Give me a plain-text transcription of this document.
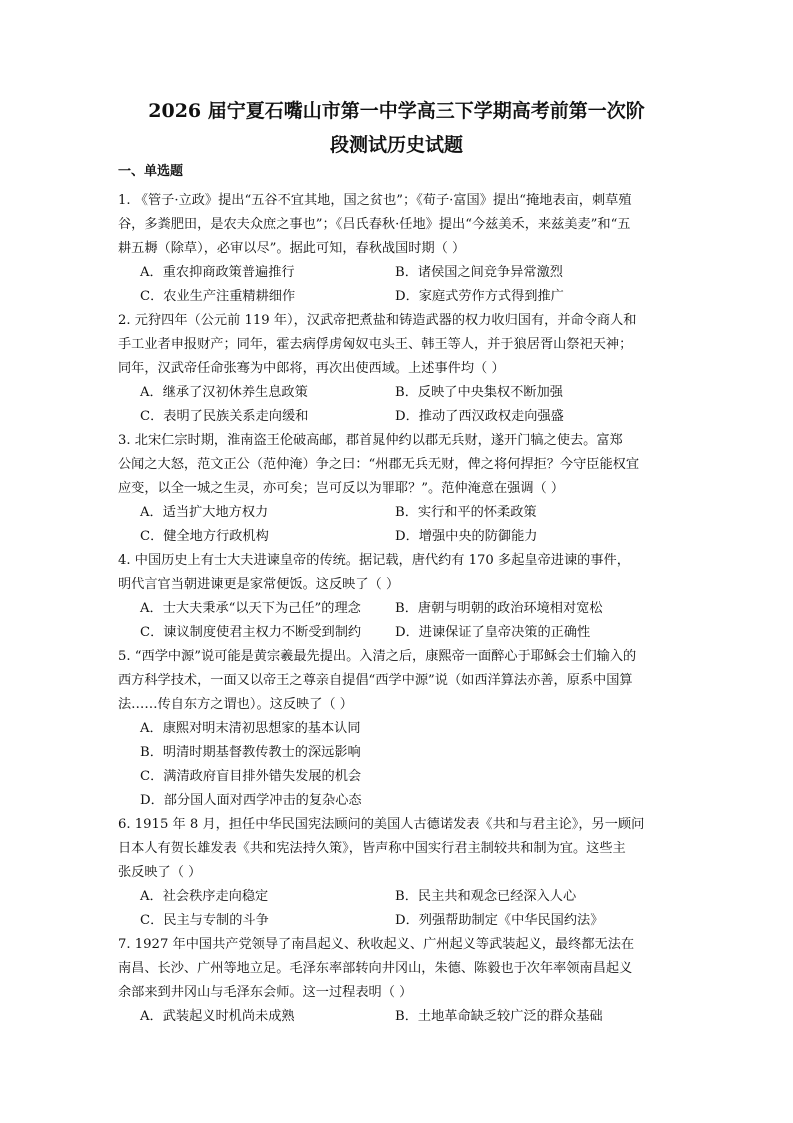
2026 届宁夏石嘴山市第一中学高三下学期高考前第一次阶
段测试历史试题
一、单选题
1. 《管子·立政》提出“五谷不宜其地，国之贫也”；《荀子·富国》提出“掩地表亩，刺草殖
谷，多粪肥田，是农夫众庶之事也”；《吕氏春秋·任地》提出“今兹美禾，来兹美麦”和“五
耕五耨（除草），必审以尽”。据此可知，春秋战国时期（ ）
A．重农抑商政策普遍推行	B．诸侯国之间竞争异常激烈
C．农业生产注重精耕细作	D．家庭式劳作方式得到推广
2. 元狩四年（公元前 119 年），汉武帝把煮盐和铸造武器的权力收归国有，并命令商人和
手工业者申报财产；同年，霍去病俘虏匈奴屯头王、韩王等人，并于狼居胥山祭祀天神；
同年，汉武帝任命张骞为中郎将，再次出使西域。上述事件均（ ）
A．继承了汉初休养生息政策	B．反映了中央集权不断加强
C．表明了民族关系走向缓和	D．推动了西汉政权走向强盛
3. 北宋仁宗时期，淮南盗王伦破高邮，郡首晁仲约以郡无兵财，遂开门犒之使去。富郑
公闻之大怒，范文正公（范仲淹）争之曰：“州郡无兵无财，俾之将何捍拒？今守臣能权宜
应变，以全一城之生灵，亦可矣；岂可反以为罪耶？”。范仲淹意在强调（ ）
A．适当扩大地方权力	B．实行和平的怀柔政策
C．健全地方行政机构	D．增强中央的防御能力
4. 中国历史上有士大夫进谏皇帝的传统。据记载，唐代约有 170 多起皇帝进谏的事件，
明代言官当朝进谏更是家常便饭。这反映了（ ）
A．士大夫秉承“以天下为己任”的理念	B．唐朝与明朝的政治环境相对宽松
C．谏议制度使君主权力不断受到制约	D．进谏保证了皇帝决策的正确性
5. “西学中源”说可能是黄宗羲最先提出。入清之后，康熙帝一面醉心于耶稣会士们输入的
西方科学技术，一面又以帝王之尊亲自提倡“西学中源”说（如西洋算法亦善，原系中国算
法……传自东方之谓也）。这反映了（ ）
A．康熙对明末清初思想家的基本认同
B．明清时期基督教传教士的深远影响
C．满清政府盲目排外错失发展的机会
D．部分国人面对西学冲击的复杂心态
6. 1915 年 8 月，担任中华民国宪法顾问的美国人古德诺发表《共和与君主论》，另一顾问
日本人有贺长雄发表《共和宪法持久策》，皆声称中国实行君主制较共和制为宜。这些主
张反映了（ ）
A．社会秩序走向稳定	B．民主共和观念已经深入人心
C．民主与专制的斗争	D．列强帮助制定《中华民国约法》
7. 1927 年中国共产党领导了南昌起义、秋收起义、广州起义等武装起义，最终都无法在
南昌、长沙、广州等地立足。毛泽东率部转向井冈山，朱德、陈毅也于次年率领南昌起义
余部来到井冈山与毛泽东会师。这一过程表明（ ）
A．武装起义时机尚未成熟	B．土地革命缺乏较广泛的群众基础
